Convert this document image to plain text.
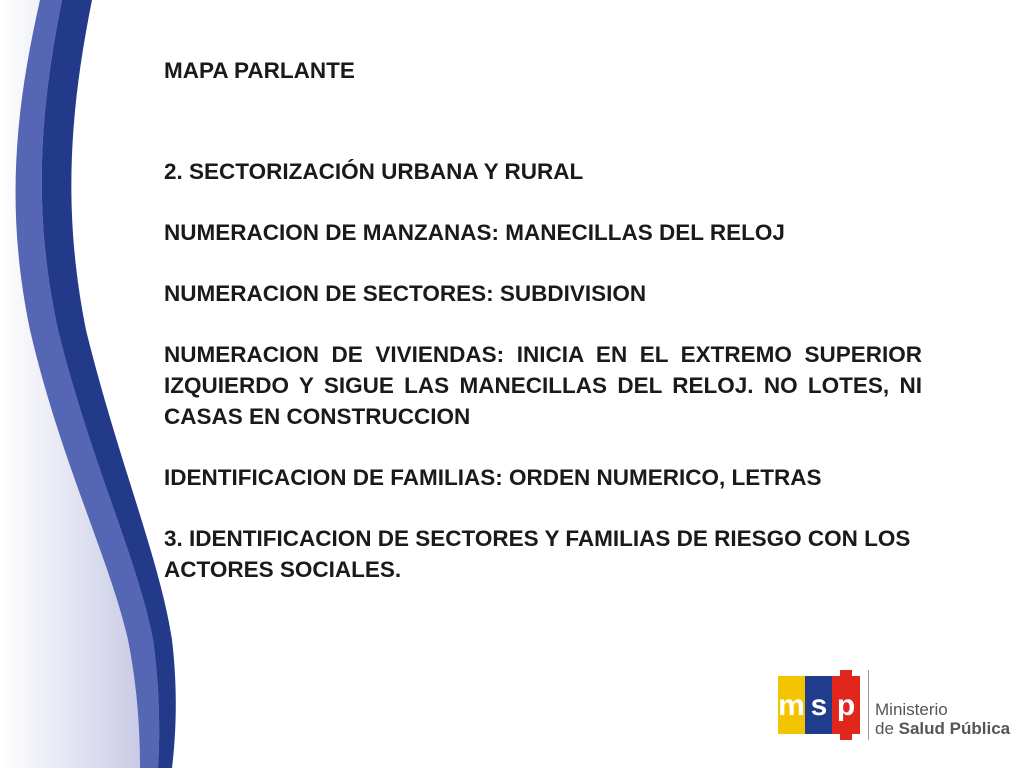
MAPA PARLANTE

2. SECTORIZACIÓN URBANA Y RURAL

NUMERACION DE MANZANAS: MANECILLAS DEL RELOJ

NUMERACION DE SECTORES: SUBDIVISION

NUMERACION DE VIVIENDAS: INICIA EN EL EXTREMO SUPERIOR IZQUIERDO Y SIGUE LAS MANECILLAS DEL RELOJ. NO LOTES, NI CASAS EN CONSTRUCCION

IDENTIFICACION DE FAMILIAS: ORDEN NUMERICO, LETRAS

3. IDENTIFICACION DE SECTORES Y FAMILIAS DE RIESGO CON LOS ACTORES SOCIALES.

m s p Ministerio
de Salud Pública
